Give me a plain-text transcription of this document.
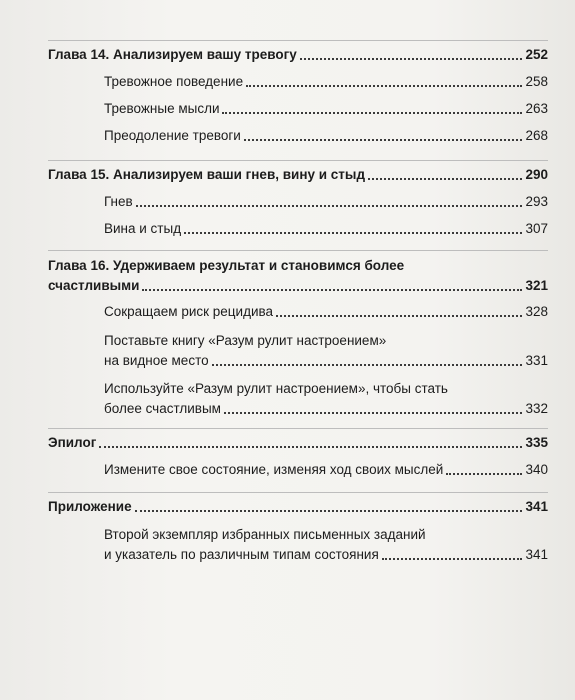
Глава 14. Анализируем вашу тревогу	252
Тревожное поведение	258
Тревожные мысли	263
Преодоление тревоги	268
Глава 15. Анализируем ваши гнев, вину и стыд	290
Гнев	293
Вина и стыд	307
Глава 16. Удерживаем результат и становимся более
счастливыми	321
Сокращаем риск рецидива	328
Поставьте книгу «Разум рулит настроением»
на видное место	331
Используйте «Разум рулит настроением», чтобы стать
более счастливым	332
Эпилог	335
Измените свое состояние, изменяя ход своих мыслей	340
Приложение	341
Второй экземпляр избранных письменных заданий
и указатель по различным типам состояния	341
